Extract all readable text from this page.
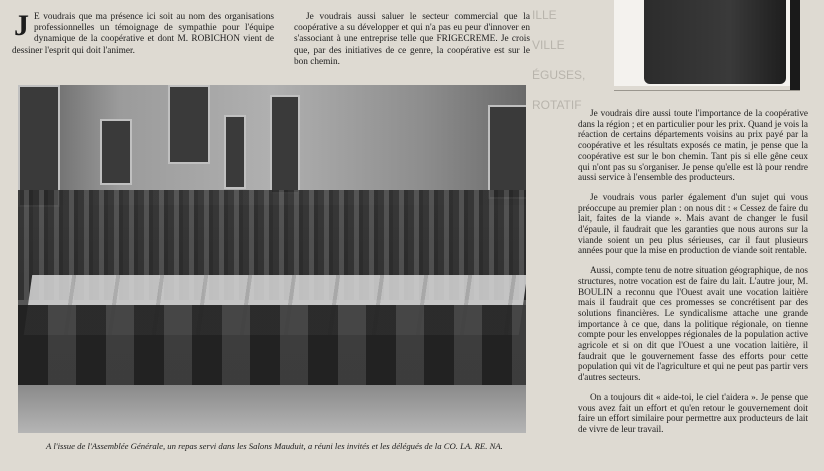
ILLE
VILLE
ÉGUSES, ROTATIF
J E voudrais que ma présence ici soit au nom des organisations professionnelles un témoignage de sympathie pour l'équipe dynamique de la coopérative et dont M. ROBICHON vient de dessiner l'esprit qui doit l'animer.

Je voudrais aussi saluer le secteur commercial que la coopérative a su développer et qui n'a pas eu peur d'innover en s'associant à une entreprise telle que FRIGECREME. Je crois que, par des initiatives de ce genre, la coopérative est sur le bon chemin.

A l'issue de l'Assemblée Générale, un repas servi dans les Salons Mauduit, a réuni les invités et les délégués de la CO. LA. RE. NA.

Je voudrais dire aussi toute l'importance de la coopérative dans la région ; et en particulier pour les prix. Quand je vois la réaction de certains départements voisins au prix payé par la coopérative et les résultats exposés ce matin, je pense que la coopérative est sur le bon chemin. Tant pis si elle gêne ceux qui n'ont pas su s'organiser. Je pense qu'elle est là pour rendre aussi service à l'ensemble des producteurs.

Je voudrais vous parler également d'un sujet qui vous préoccupe au premier plan : on nous dit : « Cessez de faire du lait, faites de la viande ». Mais avant de changer le fusil d'épaule, il faudrait que les garanties que nous aurons sur la viande soient un peu plus sérieuses, car il faut plusieurs années pour que la mise en production de viande soit rentable.

Aussi, compte tenu de notre situation géographique, de nos structures, notre vocation est de faire du lait. L'autre jour, M. BOULIN a reconnu que l'Ouest avait une vocation laitière mais il faudrait que ces promesses se concrétisent par des solutions financières. Le syndicalisme attache une grande importance à ce que, dans la politique régionale, on tienne compte pour les enveloppes régionales de la population active agricole et si on dit que l'Ouest a une vocation laitière, il faudrait que le gouvernement fasse des efforts pour cette population qui vit de l'agriculture et qui ne peut pas partir vers d'autres secteurs.

On a toujours dit « aide-toi, le ciel t'aidera ». Je pense que vous avez fait un effort et qu'en retour le gouvernement doit faire un effort similaire pour permettre aux producteurs de lait de vivre de leur travail.
